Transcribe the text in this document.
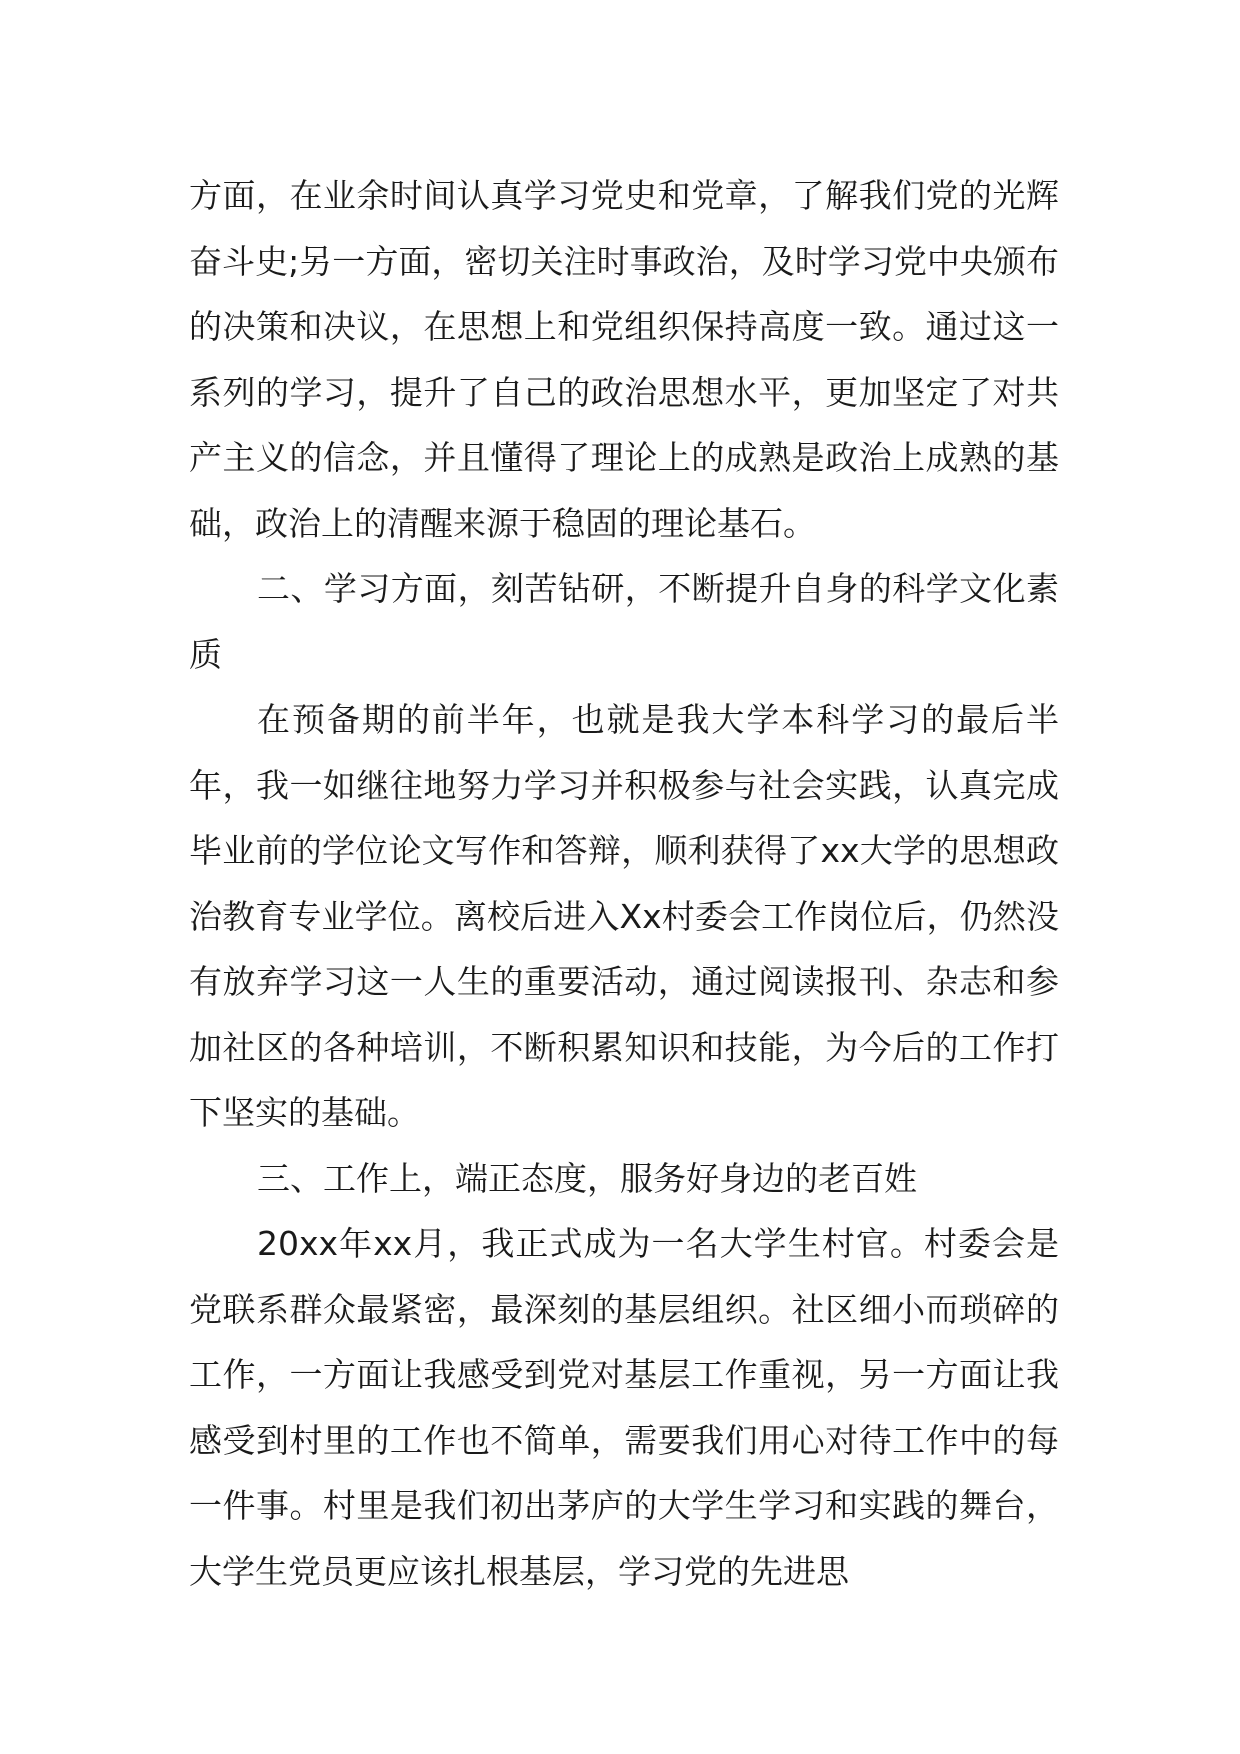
方面，在业余时间认真学习党史和党章，了解我们党的光辉奋斗史;另一方面，密切关注时事政治，及时学习党中央颁布的决策和决议，在思想上和党组织保持高度一致。通过这一系列的学习，提升了自己的政治思想水平，更加坚定了对共产主义的信念，并且懂得了理论上的成熟是政治上成熟的基础，政治上的清醒来源于稳固的理论基石。

二、学习方面，刻苦钻研，不断提升自身的科学文化素质

在预备期的前半年，也就是我大学本科学习的最后半年，我一如继往地努力学习并积极参与社会实践，认真完成毕业前的学位论文写作和答辩，顺利获得了xx大学的思想政治教育专业学位。离校后进入Xx村委会工作岗位后，仍然没有放弃学习这一人生的重要活动，通过阅读报刊、杂志和参加社区的各种培训，不断积累知识和技能，为今后的工作打下坚实的基础。

三、工作上，端正态度，服务好身边的老百姓

20xx年xx月，我正式成为一名大学生村官。村委会是党联系群众最紧密，最深刻的基层组织。社区细小而琐碎的工作，一方面让我感受到党对基层工作重视，另一方面让我感受到村里的工作也不简单，需要我们用心对待工作中的每一件事。村里是我们初出茅庐的大学生学习和实践的舞台，大学生党员更应该扎根基层，学习党的先进思
